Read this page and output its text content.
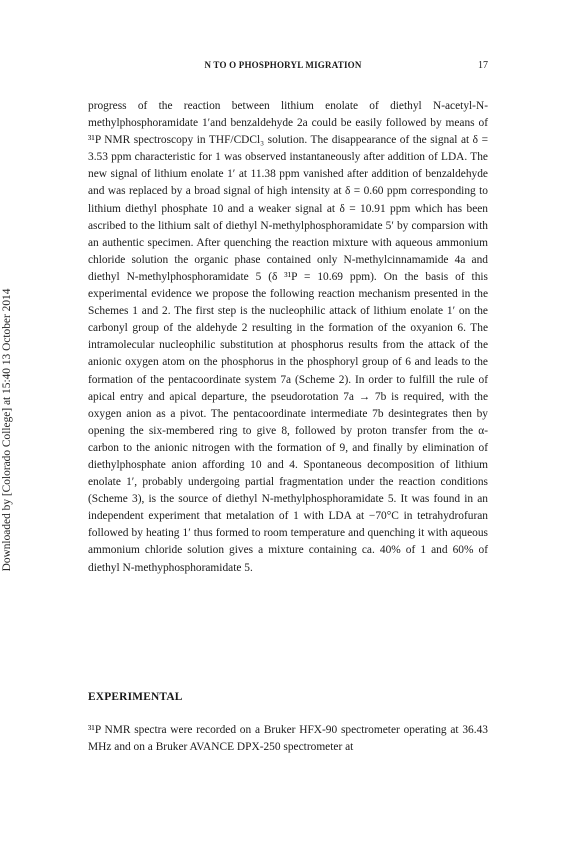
Downloaded by [Colorado College] at 15:40 13 October 2014
N TO O PHOSPHORYL MIGRATION	17

progress of the reaction between lithium enolate of diethyl N-acetyl-N-methylphosphoramidate 1′and benzaldehyde 2a could be easily followed by means of ³¹P NMR spectroscopy in THF/CDCl₃ solution. The disappearance of the signal at δ = 3.53 ppm characteristic for 1 was observed instantaneously after addition of LDA. The new signal of lithium enolate 1′ at 11.38 ppm vanished after addition of benzaldehyde and was replaced by a broad signal of high intensity at δ = 0.60 ppm corresponding to lithium diethyl phosphate 10 and a weaker signal at δ = 10.91 ppm which has been ascribed to the lithium salt of diethyl N-methylphosphoramidate 5′ by comparsion with an authentic specimen. After quenching the reaction mixture with aqueous ammonium chloride solution the organic phase contained only N-methylcinnamamide 4a and diethyl N-methylphosphoramidate 5 (δ ³¹P = 10.69 ppm). On the basis of this experimental evidence we propose the following reaction mechanism presented in the Schemes 1 and 2. The first step is the nucleophilic attack of lithium enolate 1′ on the carbonyl group of the aldehyde 2 resulting in the formation of the oxyanion 6. The intramolecular nucleophilic substitution at phosphorus results from the attack of the anionic oxygen atom on the phosphorus in the phosphoryl group of 6 and leads to the formation of the pentacoordinate system 7a (Scheme 2). In order to fulfill the rule of apical entry and apical departure, the pseudorotation 7a → 7b is required, with the oxygen anion as a pivot. The pentacoordinate intermediate 7b desintegrates then by opening the six-membered ring to give 8, followed by proton transfer from the α-carbon to the anionic nitrogen with the formation of 9, and finally by elimination of diethylphosphate anion affording 10 and 4. Spontaneous decomposition of lithium enolate 1′, probably undergoing partial fragmentation under the reaction conditions (Scheme 3), is the source of diethyl N-methylphosphoramidate 5. It was found in an independent experiment that metalation of 1 with LDA at −70°C in tetrahydrofuran followed by heating 1′ thus formed to room temperature and quenching it with aqueous ammonium chloride solution gives a mixture containing ca. 40% of 1 and 60% of diethyl N-methyphosphoramidate 5.

EXPERIMENTAL

³¹P NMR spectra were recorded on a Bruker HFX-90 spectrometer operating at 36.43 MHz and on a Bruker AVANCE DPX-250 spectrometer at
